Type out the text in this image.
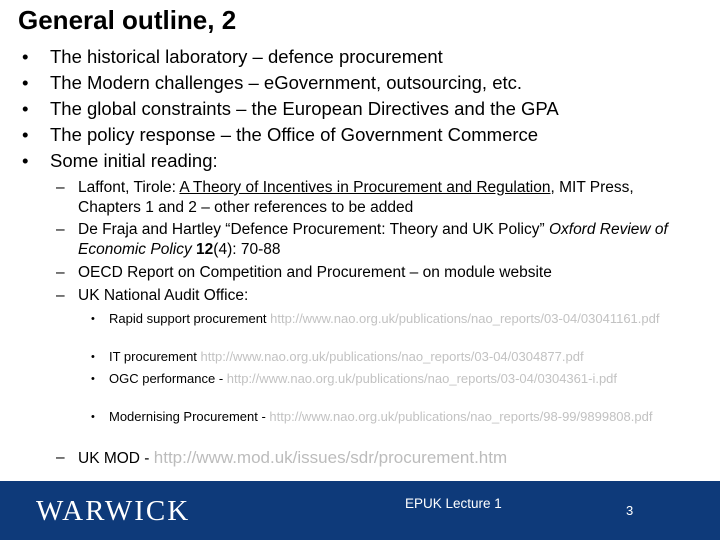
General outline, 2
• The historical laboratory – defence procurement
• The Modern challenges – eGovernment, outsourcing, etc.
• The global constraints – the European Directives and the GPA
• The policy response – the Office of Government Commerce
• Some initial reading:
– Laffont, Tirole: A Theory of Incentives in Procurement and Regulation, MIT Press, Chapters 1 and 2 – other references to be added
– De Fraja and Hartley “Defence Procurement: Theory and UK Policy” Oxford Review of Economic Policy 12(4): 70-88
– OECD Report on Competition and Procurement – on module website
– UK National Audit Office:
• Rapid support procurement http://www.nao.org.uk/publications/nao_reports/03-04/03041161.pdf
• IT procurement http://www.nao.org.uk/publications/nao_reports/03-04/0304877.pdf
• OGC performance - http://www.nao.org.uk/publications/nao_reports/03-04/0304361-i.pdf
• Modernising Procurement - http://www.nao.org.uk/publications/nao_reports/98-99/9899808.pdf
– UK MOD - http://www.mod.uk/issues/sdr/procurement.htm
WARWICK	EPUK Lecture 1	3
